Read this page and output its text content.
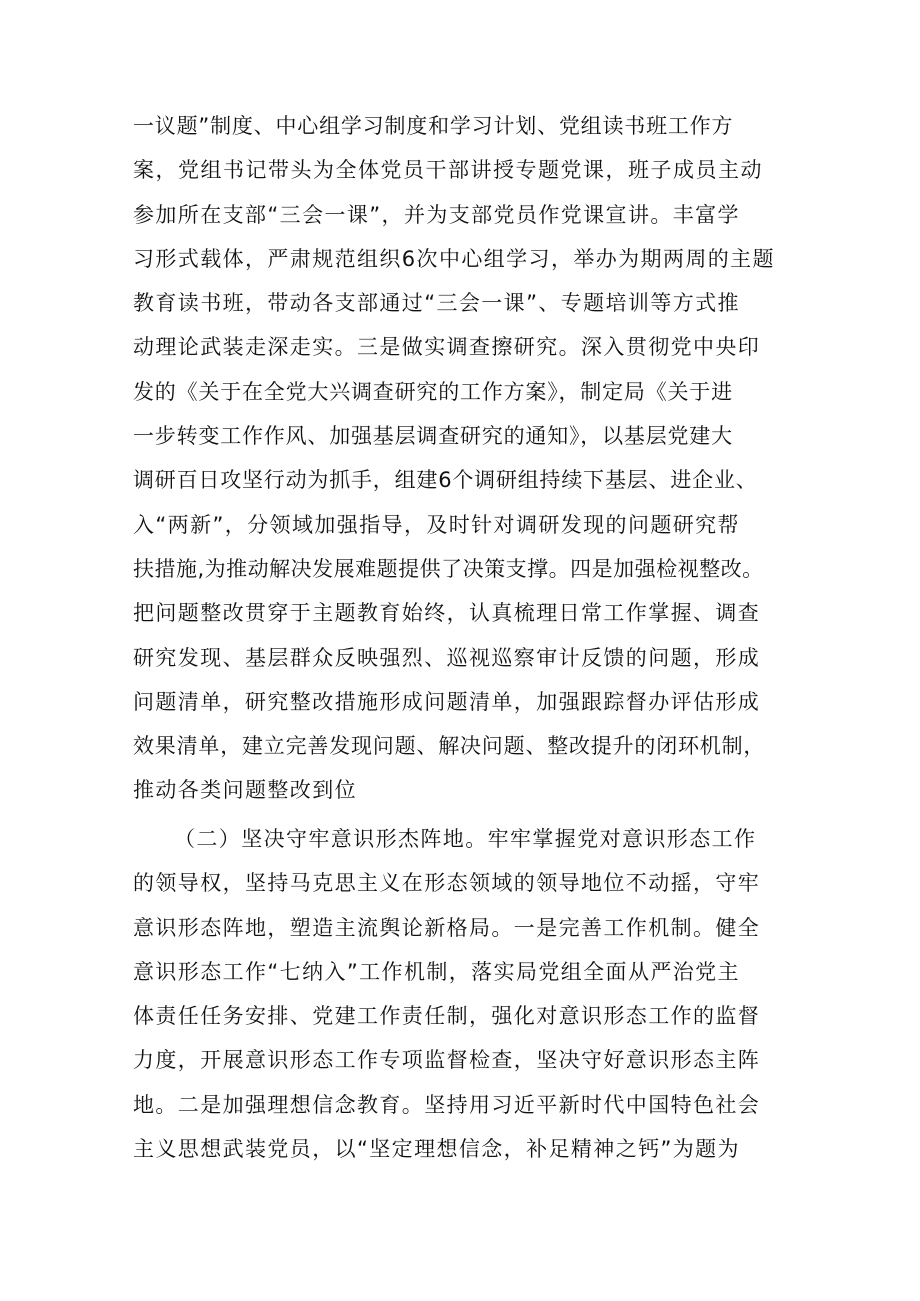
一议题”制度、中心组学习制度和学习计划、党组读书班工作方
案，党组书记带头为全体党员干部讲授专题党课，班子成员主动
参加所在支部“三会一课”，并为支部党员作党课宣讲。丰富学
习形式载体，严肃规范组织6次中心组学习，举办为期两周的主题
教育读书班，带动各支部通过“三会一课”、专题培训等方式推
动理论武装走深走实。三是做实调查擦研究。深入贯彻党中央印
发的《关于在全党大兴调查研究的工作方案》，制定局《关于进
一步转变工作作风、加强基层调查研究的通知》，以基层党建大
调研百日攻坚行动为抓手，组建6个调研组持续下基层、进企业、
入“两新”，分领域加强指导，及时针对调研发现的问题研究帮
扶措施,为推动解决发展难题提供了决策支撑。四是加强检视整改。
把问题整改贯穿于主题教育始终，认真梳理日常工作掌握、调查
研究发现、基层群众反映强烈、巡视巡察审计反馈的问题，形成
问题清单，研究整改措施形成问题清单，加强跟踪督办评估形成
效果清单，建立完善发现问题、解决问题、整改提升的闭环机制，
推动各类问题整改到位
（二）坚决守牢意识形杰阵地。牢牢掌握党对意识形态工作
的领导权，坚持马克思主义在形态领域的领导地位不动摇，守牢
意识形态阵地，塑造主流舆论新格局。一是完善工作机制。健全
意识形态工作“七纳入”工作机制，落实局党组全面从严治党主
体责任任务安排、党建工作责任制，强化对意识形态工作的监督
力度，开展意识形态工作专项监督检查，坚决守好意识形态主阵
地。二是加强理想信念教育。坚持用习近平新时代中国特色社会
主义思想武装党员，以“坚定理想信念，补足精神之钙”为题为
